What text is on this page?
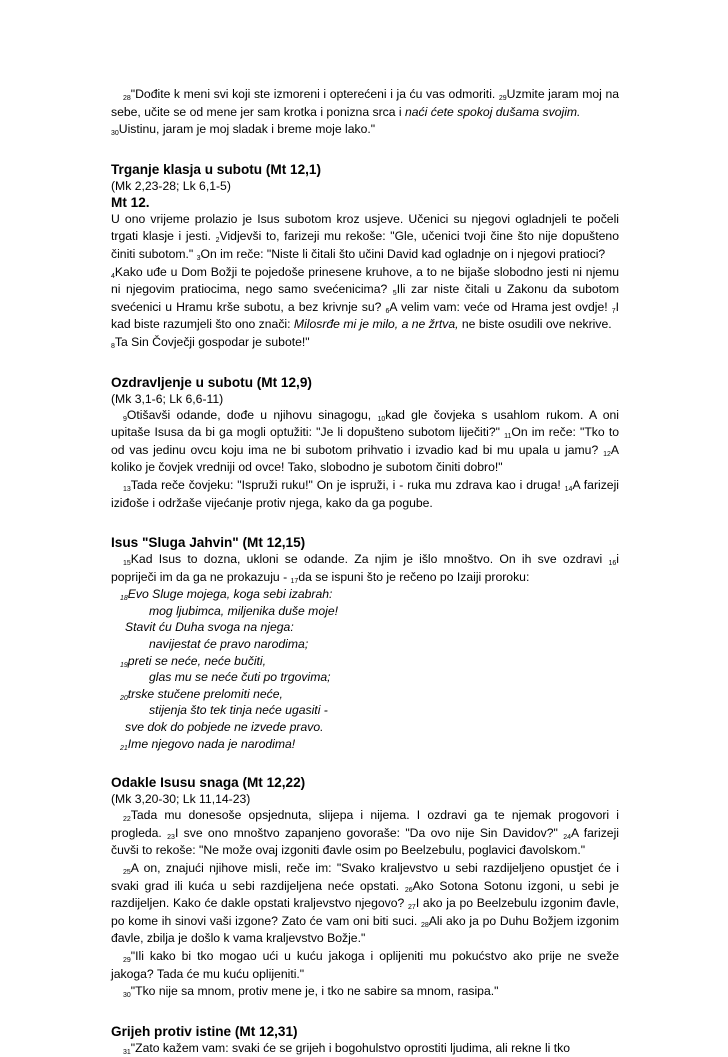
$_{28}$"Dođite k meni svi koji ste izmoreni i opterećeni i ja ću vas odmoriti. $_{29}$Uzmite jaram moj na sebe, učite se od mene jer sam krotka i ponizna srca i naći ćete spokoj dušama svojim.
$_{30}$Uistinu, jaram je moj sladak i breme moje lako."

Trganje klasja u subotu (Mt 12,1)

(Mk 2,23-28; Lk 6,1-5)

Mt 12.

U ono vrijeme prolazio je Isus subotom kroz usjeve. Učenici su njegovi ogladnjeli te počeli trgati klasje i jesti. $_2$Vidjevši to, farizeji mu rekoše: "Gle, učenici tvoji čine što nije dopušteno činiti subotom." $_3$On im reče: "Niste li čitali što učini David kad ogladnje on i njegovi pratioci?
$_4$Kako uđe u Dom Božji te pojedoše prinesene kruhove, a to ne bijaše slobodno jesti ni njemu ni njegovim pratiocima, nego samo svećenicima? $_5$Ili zar niste čitali u Zakonu da subotom svećenici u Hramu krše subotu, a bez krivnje su? $_6$A velim vam: veće od Hrama jest ovdje! $_7$I kad biste razumjeli što ono znači: Milosrđe mi je milo, a ne žrtva, ne biste osudili ove nekrive.
$_8$Ta Sin Čovječji gospodar je subote!"

Ozdravljenje u subotu (Mt 12,9)

(Mk 3,1-6; Lk 6,6-11)

$_9$Otišavši odande, dođe u njihovu sinagogu, $_{10}$kad gle čovjeka s usahlom rukom. A oni upitaše Isusa da bi ga mogli optužiti: "Je li dopušteno subotom liječiti?" $_{11}$On im reče: "Tko to od vas jedinu ovcu koju ima ne bi subotom prihvatio i izvadio kad bi mu upala u jamu? $_{12}$A koliko je čovjek vredniji od ovce! Tako, slobodno je subotom činiti dobro!"

$_{13}$Tada reče čovjeku: "Ispruži ruku!" On je ispruži, i - ruka mu zdrava kao i druga! $_{14}$A farizeji iziđoše i održaše vijećanje protiv njega, kako da ga pogube.

Isus "Sluga Jahvin" (Mt 12,15)

$_{15}$Kad Isus to dozna, ukloni se odande. Za njim je išlo mnoštvo. On ih sve ozdravi $_{16}$i popriječi im da ga ne prokazuju - $_{17}$da se ispuni što je rečeno po Izaiji proroku:

$_{18}$Evo Sluge mojega, koga sebi izabrah:
mog ljubimca, miljenika duše moje!
Stavit ću Duha svoga na njega:
navijestat će pravo narodima;
$_{19}$preti se neće, neće bučiti,
glas mu se neće čuti po trgovima;
$_{20}$trske stučene prelomiti neće,
stijenja što tek tinja neće ugasiti -
sve dok do pobjede ne izvede pravo.
$_{21}$Ime njegovo nada je narodima!
Odakle Isusu snaga (Mt 12,22)

(Mk 3,20-30; Lk 11,14-23)

$_{22}$Tada mu donesoše opsjednuta, slijepa i nijema. I ozdravi ga te njemak progovori i progleda. $_{23}$I sve ono mnoštvo zapanjeno govoraše: "Da ovo nije Sin Davidov?" $_{24}$A farizeji čuvši to rekoše: "Ne može ovaj izgoniti đavle osim po Beelzebulu, poglavici đavolskom."

$_{25}$A on, znajući njihove misli, reče im: "Svako kraljevstvo u sebi razdijeljeno opustjet će i svaki grad ili kuća u sebi razdijeljena neće opstati. $_{26}$Ako Sotona Sotonu izgoni, u sebi je razdijeljen. Kako će dakle opstati kraljevstvo njegovo? $_{27}$I ako ja po Beelzebulu izgonim đavle, po kome ih sinovi vaši izgone? Zato će vam oni biti suci. $_{28}$Ali ako ja po Duhu Božjem izgonim đavle, zbilja je došlo k vama kraljevstvo Božje."

$_{29}$"Ili kako bi tko mogao ući u kuću jakoga i oplijeniti mu pokućstvo ako prije ne sveže jakoga? Tada će mu kuću oplijeniti."

$_{30}$"Tko nije sa mnom, protiv mene je, i tko ne sabire sa mnom, rasipa."

Grijeh protiv istine (Mt 12,31)

$_{31}$"Zato kažem vam: svaki će se grijeh i bogohulstvo oprostiti ljudima, ali rekne li tko
